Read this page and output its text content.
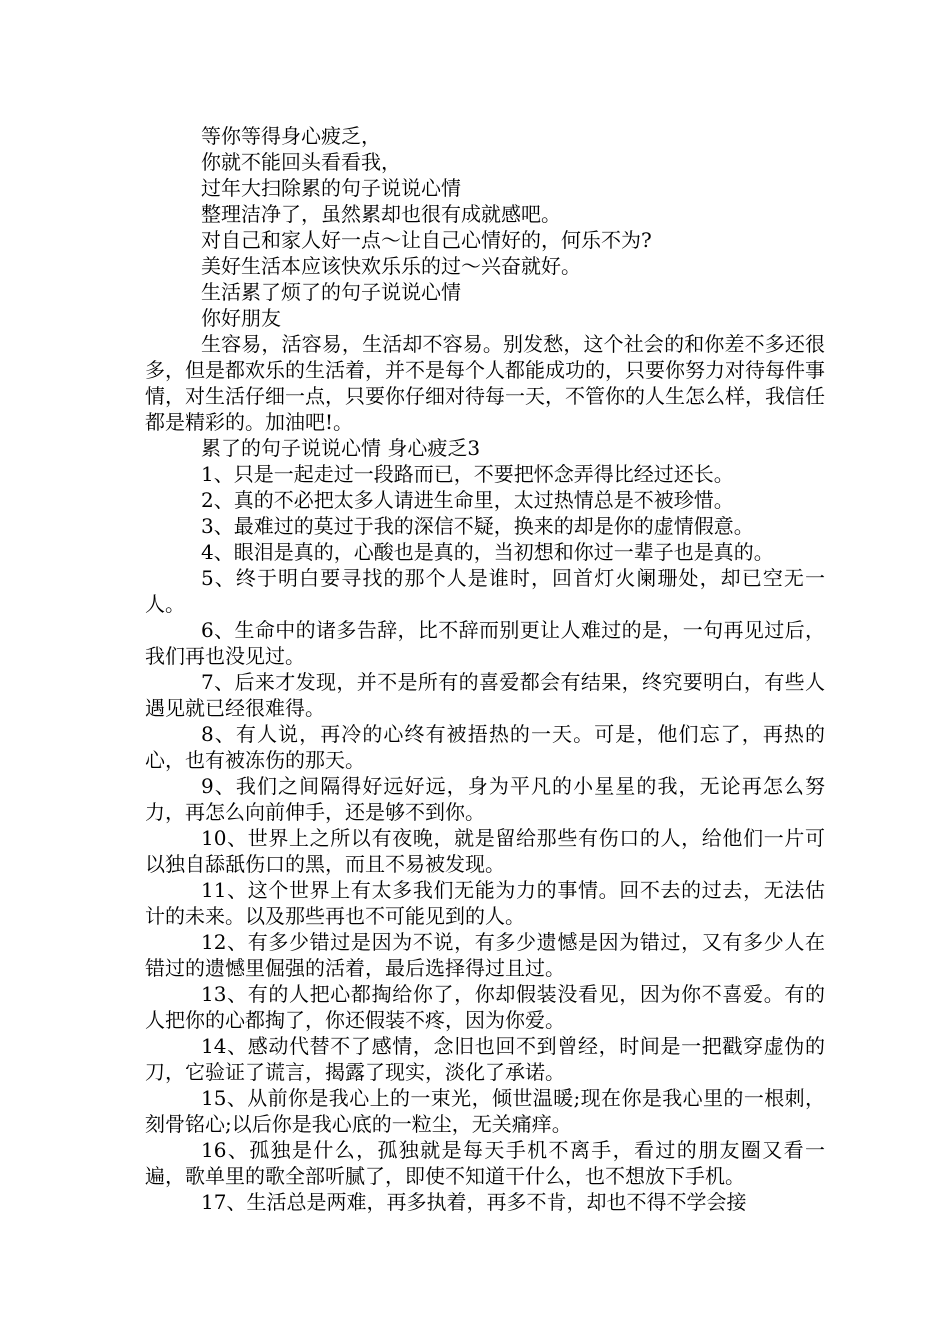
等你等得身心疲乏，

你就不能回头看看我，

过年大扫除累的句子说说心情

整理洁净了，虽然累却也很有成就感吧。

对自己和家人好一点～让自己心情好的，何乐不为?

美好生活本应该快欢乐乐的过～兴奋就好。

生活累了烦了的句子说说心情

你好朋友

生容易，活容易，生活却不容易。别发愁，这个社会的和你差不多还很多，但是都欢乐的生活着，并不是每个人都能成功的，只要你努力对待每件事情，对生活仔细一点，只要你仔细对待每一天，不管你的人生怎么样，我信任都是精彩的。加油吧!。

累了的句子说说心情 身心疲乏3

1、只是一起走过一段路而已，不要把怀念弄得比经过还长。

2、真的不必把太多人请进生命里，太过热情总是不被珍惜。

3、最难过的莫过于我的深信不疑，换来的却是你的虚情假意。

4、眼泪是真的，心酸也是真的，当初想和你过一辈子也是真的。

5、终于明白要寻找的那个人是谁时，回首灯火阑珊处，却已空无一人。

6、生命中的诸多告辞，比不辞而别更让人难过的是，一句再见过后，我们再也没见过。

7、后来才发现，并不是所有的喜爱都会有结果，终究要明白，有些人遇见就已经很难得。

8、有人说，再冷的心终有被捂热的一天。可是，他们忘了，再热的心，也有被冻伤的那天。

9、我们之间隔得好远好远，身为平凡的小星星的我，无论再怎么努力，再怎么向前伸手，还是够不到你。

10、世界上之所以有夜晚，就是留给那些有伤口的人，给他们一片可以独自舔舐伤口的黑，而且不易被发现。

11、这个世界上有太多我们无能为力的事情。回不去的过去，无法估计的未来。以及那些再也不可能见到的人。

12、有多少错过是因为不说，有多少遗憾是因为错过，又有多少人在错过的遗憾里倔强的活着，最后选择得过且过。

13、有的人把心都掏给你了，你却假装没看见，因为你不喜爱。有的人把你的心都掏了，你还假装不疼，因为你爱。

14、感动代替不了感情，念旧也回不到曾经，时间是一把戳穿虚伪的刀，它验证了谎言，揭露了现实，淡化了承诺。

15、从前你是我心上的一束光，倾世温暖;现在你是我心里的一根刺，刻骨铭心;以后你是我心底的一粒尘，无关痛痒。

16、孤独是什么，孤独就是每天手机不离手，看过的朋友圈又看一遍，歌单里的歌全部听腻了，即使不知道干什么，也不想放下手机。

17、生活总是两难，再多执着，再多不肯，却也不得不学会接
